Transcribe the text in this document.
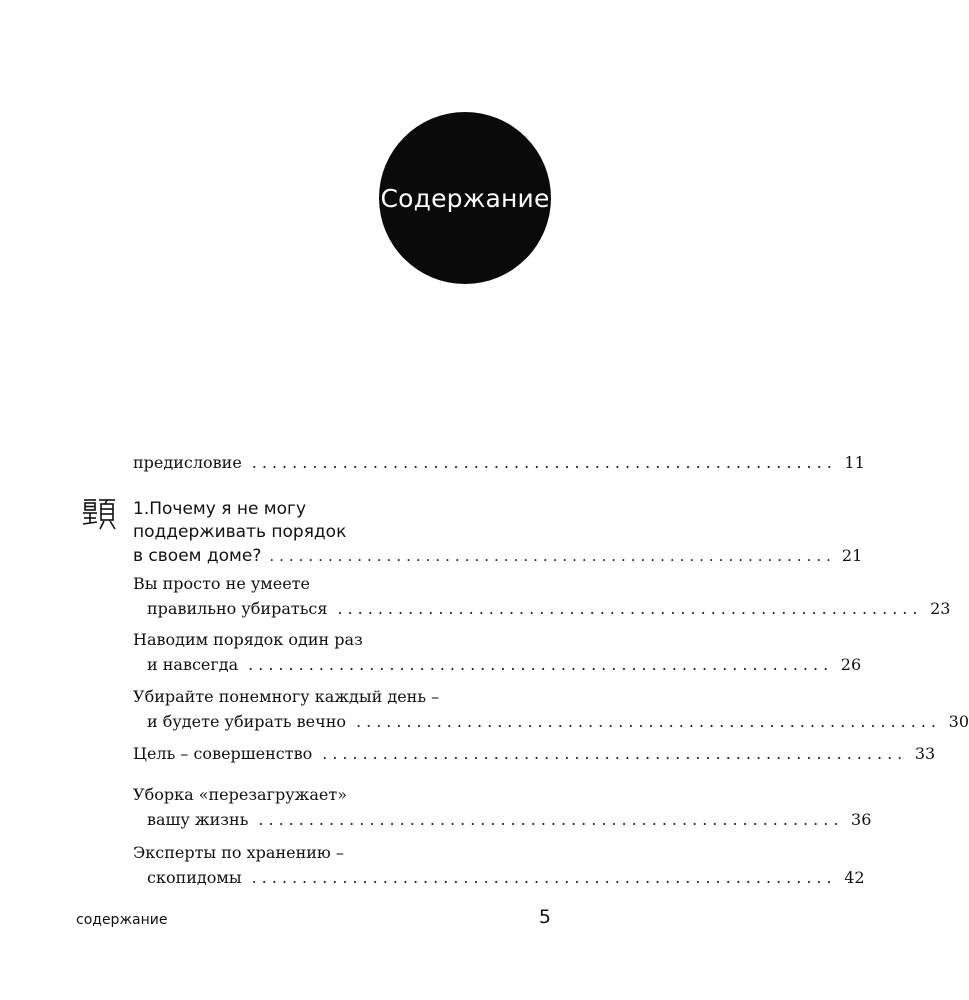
Содержание
предисловие .......................................................... 11
1.Почему я не могу
поддерживать порядок
в своем доме? .......................................................... 21
Вы просто не умеете
правильно убираться .......................................................... 23
Наводим порядок один раз
и навсегда .......................................................... 26
Убирайте понемногу каждый день –
и будете убирать вечно .......................................................... 30
Цель – совершенство .......................................................... 33
Уборка «перезагружает»
вашу жизнь .......................................................... 36
Эксперты по хранению –
скопидомы .......................................................... 42
содержание	5
